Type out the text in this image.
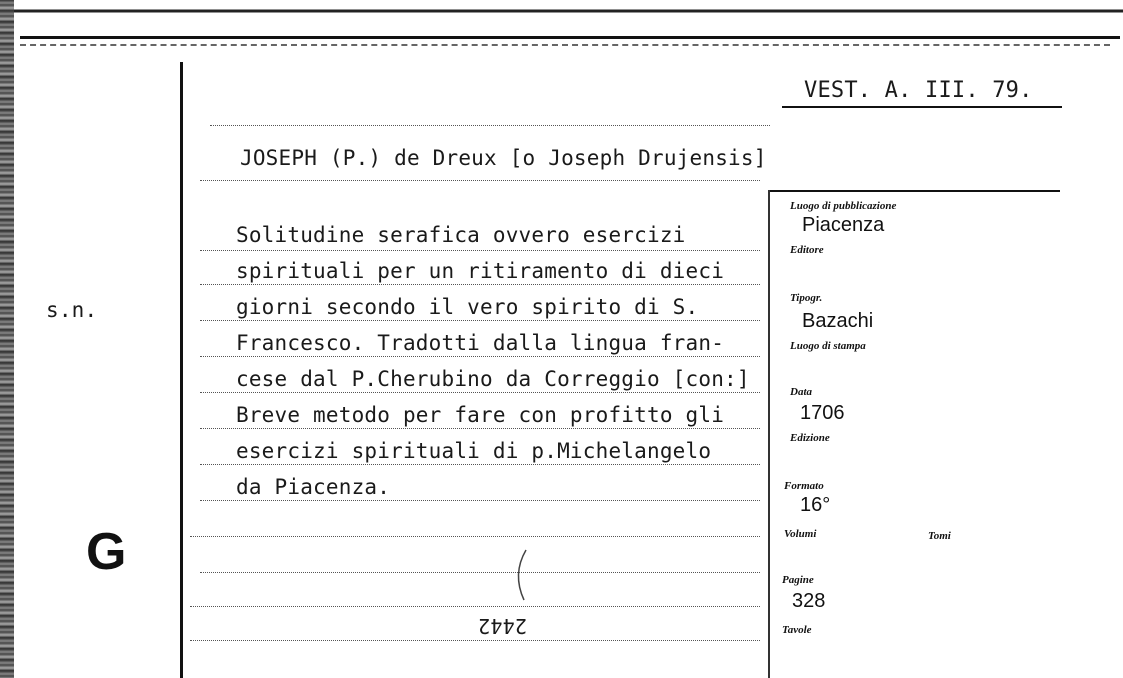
VEST. A. III. 79.
JOSEPH (P.) de Dreux [o Joseph Drujensis]
Solitudine serafica ovvero esercizi
spirituali per un ritiramento di dieci
giorni secondo il vero spirito di S.
Francesco. Tradotti dalla lingua fran-
cese dal P.Cherubino da Correggio [con:]
Breve metodo per fare con profitto gli
esercizi spirituali di p.Michelangelo
da Piacenza.
s.n.
G
2442
Luogo di pubblicazione
Piacenza
Editore
Tipogr.
Bazachi
Luogo di stampa
Data
1706
Edizione
Formato
16°
Volumi	Tomi
Pagine
328
Tavole
